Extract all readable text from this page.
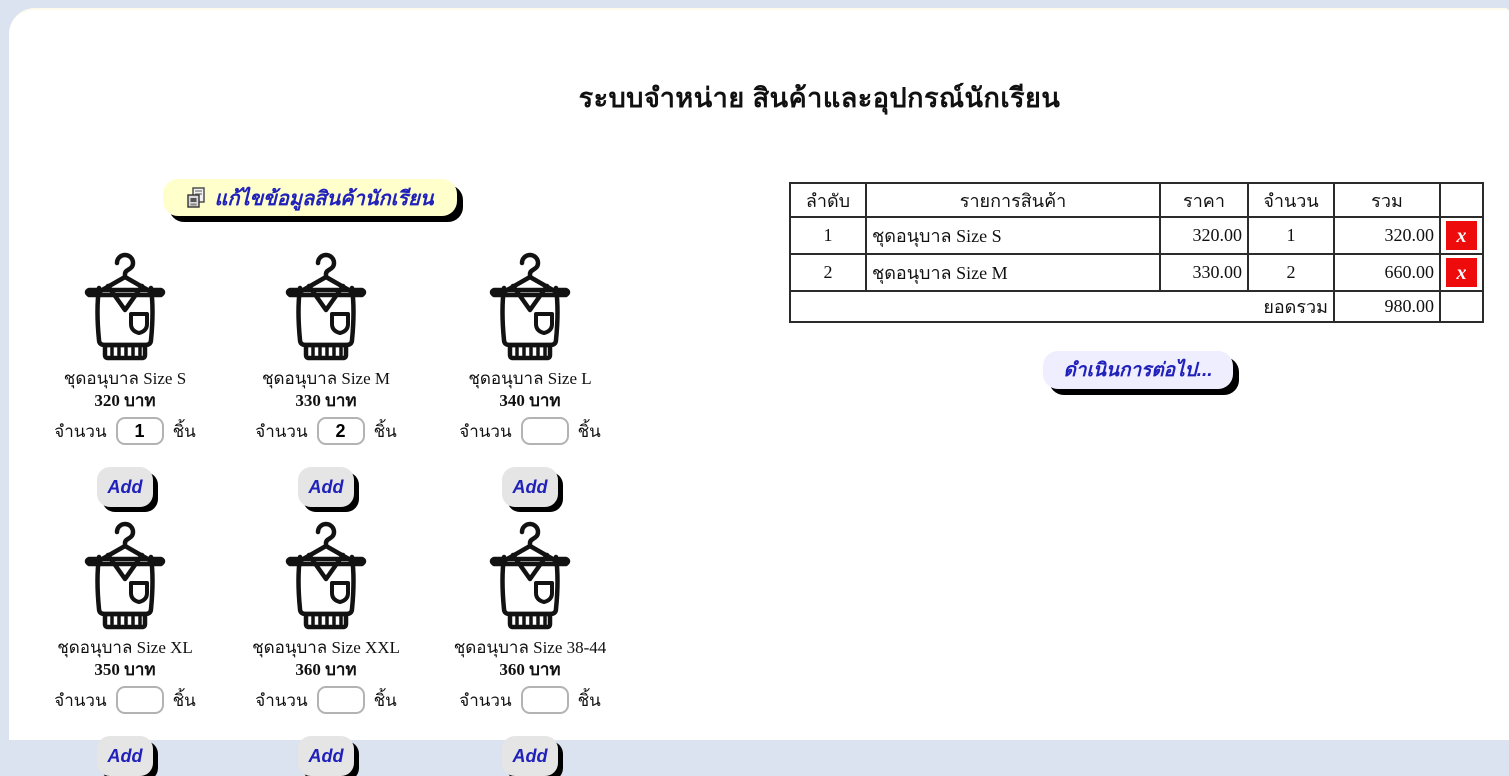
ระบบจำหน่าย สินค้าและอุปกรณ์นักเรียน
แก้ไขข้อมูลสินค้านักเรียน
ชุดอนุบาล Size S
320 บาท
จำนวน
1	ชิ้น
Add
ชุดอนุบาล Size M
330 บาท
จำนวน
2	ชิ้น
Add
ชุดอนุบาล Size L
340 บาท
จำนวน	ชิ้น
Add
ชุดอนุบาล Size XL
350 บาท
จำนวน	ชิ้น
Add
ชุดอนุบาล Size XXL
360 บาท
จำนวน	ชิ้น
Add
ชุดอนุบาล Size 38-44
360 บาท
จำนวน	ชิ้น
Add
ลำดับ	รายการสินค้า	ราคา	จำนวน	รวม	
1	ชุดอนุบาล Size S	320.00	1	320.00	x

2	ชุดอนุบาล Size M	330.00	2	660.00	x

ยอดรวม				980.00	
ดำเนินการต่อไป...
